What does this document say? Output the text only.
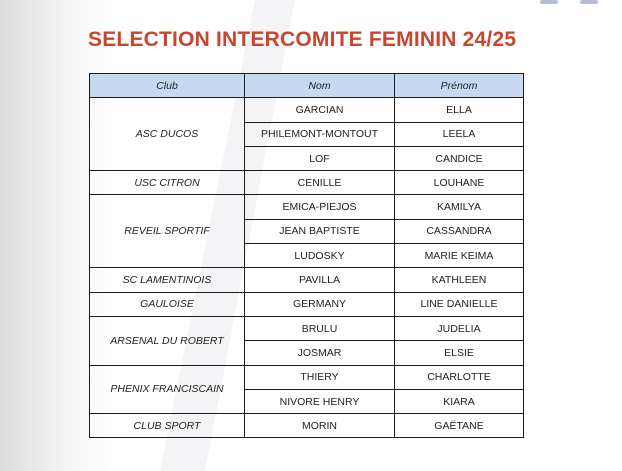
SELECTION INTERCOMITE FEMININ 24/25
Club	Nom	Prénom
ASC DUCOS	GARCIAN	ELLA
	PHILEMONT-MONTOUT	LEELA
	LOF	CANDICE
USC CITRON	CENILLE	LOUHANE
REVEIL SPORTIF	EMICA-PIEJOS	KAMILYA
	JEAN BAPTISTE	CASSANDRA
	LUDOSKY	MARIE KEIMA
SC LAMENTINOIS	PAVILLA	KATHLEEN
GAULOISE	GERMANY	LINE DANIELLE
ARSENAL DU ROBERT	BRULU	JUDELIA
	JOSMAR	ELSIE
PHENIX FRANCISCAIN	THIERY	CHARLOTTE
	NIVORE HENRY	KIARA
CLUB SPORT	MORIN	GAËTANE
